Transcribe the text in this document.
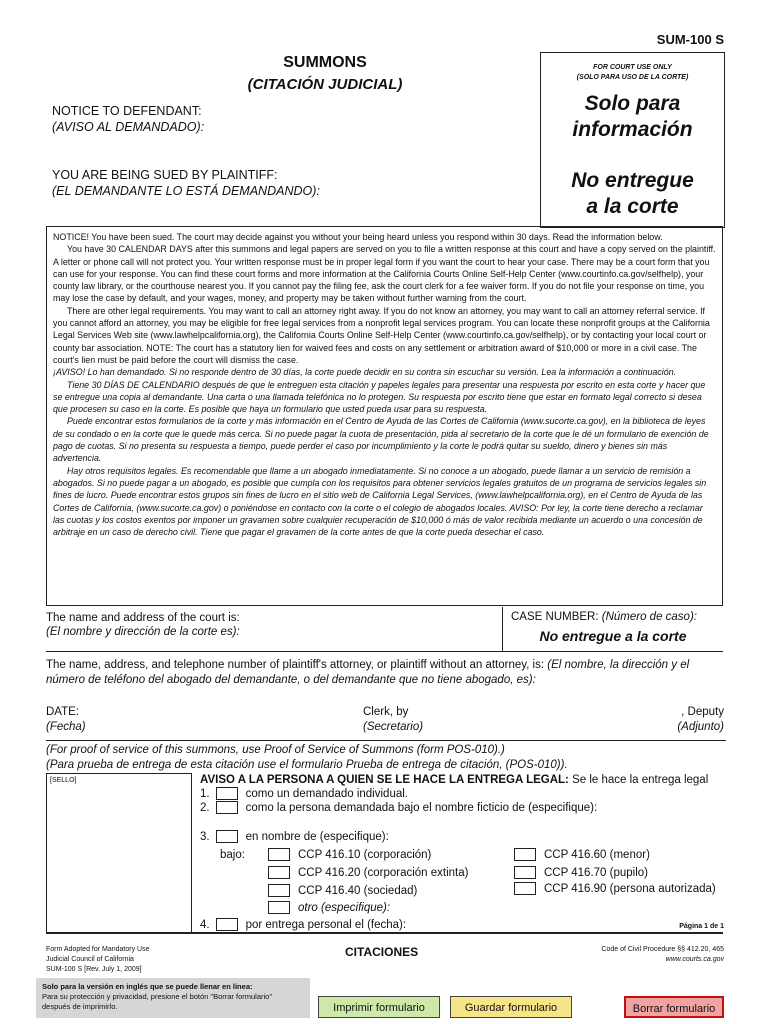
SUM-100 S
SUMMONS
(CITACIÓN JUDICIAL)
NOTICE TO DEFENDANT:
(AVISO AL DEMANDADO):
YOU ARE BEING SUED BY PLAINTIFF:
(EL DEMANDANTE LO ESTÁ DEMANDANDO):
FOR COURT USE ONLY
(SOLO PARA USO DE LA CORTE)
Solo para
información
No entregue
a la corte

NOTICE! You have been sued. The court may decide against you without your being heard unless you respond within 30 days. Read the information below.

You have 30 CALENDAR DAYS after this summons and legal papers are served on you to file a written response at this court and have a copy served on the plaintiff. A letter or phone call will not protect you. Your written response must be in proper legal form if you want the court to hear your case. There may be a court form that you can use for your response. You can find these court forms and more information at the California Courts Online Self-Help Center (www.courtinfo.ca.gov/selfhelp), your county law library, or the courthouse nearest you. If you cannot pay the filing fee, ask the court clerk for a fee waiver form. If you do not file your response on time, you may lose the case by default, and your wages, money, and property may be taken without further warning from the court.

There are other legal requirements. You may want to call an attorney right away. If you do not know an attorney, you may want to call an attorney referral service. If you cannot afford an attorney, you may be eligible for free legal services from a nonprofit legal services program. You can locate these nonprofit groups at the California Legal Services Web site (www.lawhelpcalifornia.org), the California Courts Online Self-Help Center (www.courtinfo.ca.gov/selfhelp), or by contacting your local court or county bar association. NOTE: The court has a statutory lien for waived fees and costs on any settlement or arbitration award of $10,000 or more in a civil case. The court's lien must be paid before the court will dismiss the case.

¡AVISO! Lo han demandado. Si no responde dentro de 30 días, la corte puede decidir en su contra sin escuchar su versión. Lea la información a continuación.

Tiene 30 DÍAS DE CALENDARIO después de que le entreguen esta citación y papeles legales para presentar una respuesta por escrito en esta corte y hacer que se entregue una copia al demandante. Una carta o una llamada telefónica no lo protegen. Su respuesta por escrito tiene que estar en formato legal correcto si desea que procesen su caso en la corte. Es posible que haya un formulario que usted pueda usar para su respuesta.

Puede encontrar estos formularios de la corte y más información en el Centro de Ayuda de las Cortes de California (www.sucorte.ca.gov), en la biblioteca de leyes de su condado o en la corte que le quede más cerca. Si no puede pagar la cuota de presentación, pida al secretario de la corte que le dé un formulario de exención de pago de cuotas. Si no presenta su respuesta a tiempo, puede perder el caso por incumplimiento y la corte le podrá quitar su sueldo, dinero y bienes sin más advertencia.

Hay otros requisitos legales. Es recomendable que llame a un abogado inmediatamente. Si no conoce a un abogado, puede llamar a un servicio de remisión a abogados. Si no puede pagar a un abogado, es posible que cumpla con los requisitos para obtener servicios legales gratuitos de un programa de servicios legales sin fines de lucro. Puede encontrar estos grupos sin fines de lucro en el sitio web de California Legal Services, (www.lawhelpcalifornia.org), en el Centro de Ayuda de las Cortes de California, (www.sucorte.ca.gov) o poniéndose en contacto con la corte o el colegio de abogados locales. AVISO: Por ley, la corte tiene derecho a reclamar las cuotas y los costos exentos por imponer un gravamen sobre cualquier recuperación de $10,000 ó más de valor recibida mediante un acuerdo o una concesión de arbitraje en un caso de derecho civil. Tiene que pagar el gravamen de la corte antes de que la corte pueda desechar el caso.

The name and address of the court is:
(El nombre y dirección de la corte es):
CASE NUMBER: (Número de caso):
No entregue a la corte
The name, address, and telephone number of plaintiff's attorney, or plaintiff without an attorney, is: (El nombre, la dirección y el número de teléfono del abogado del demandante, o del demandante que no tiene abogado, es):
DATE:
(Fecha)
Clerk, by
(Secretario)
, Deputy
(Adjunto)
(For proof of service of this summons, use Proof of Service of Summons (form POS-010).)
(Para prueba de entrega de esta citación use el formulario Prueba de entrega de citación, (POS-010)).
[SELLO]	AVISO A LA PERSONA A QUIEN SE LE HACE LA ENTREGA LEGAL: Se le hace la entrega legal
1.	como un demandado individual.
2.	como la persona demandada bajo el nombre ficticio de (especifique):
3.	en nombre de (especifique):
bajo:	CCP 416.10 (corporación)
CCP 416.20 (corporación extinta)
CCP 416.40 (sociedad)
otro (especifique):
CCP 416.60 (menor)
CCP 416.70 (pupilo)
CCP 416.90 (persona autorizada)
4.	por entrega personal el (fecha):	Página 1 de 1
Form Adopted for Mandatory Use
Judicial Council of California
SUM-100 S [Rev. July 1, 2009]
CITACIONES	Code of Civil Procedure §§ 412.20, 465
www.courts.ca.gov
Solo para la versión en inglés que se puede llenar en línea:
Para su protección y privacidad, presione el botón "Borrar formulario"
después de imprimirlo.	Imprimir formulario	Guardar formulario	Borrar formulario
